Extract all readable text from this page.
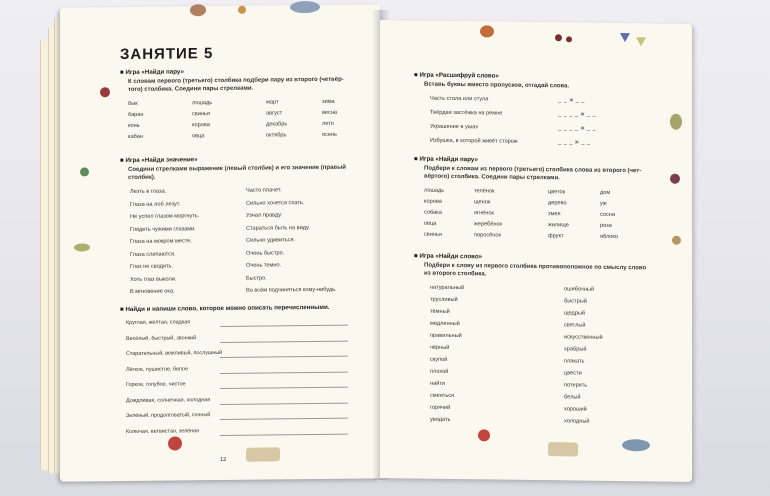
ЗАНЯТИЕ 5
■ Игра «Найди пару»
К словам первого (третьего) столбика подбери пару из второго (четвёр-
того) столбика. Соедини пары стрелками.
бык	лошадь	март	зима
баран	свинья	август	весна
конь	корова	декабрь	лето
кабан	овца	октябрь	осень
■ Игра «Найди значение»
Соедини стрелками выражение (левый столбик) и его значение (правый
столбик).
Лезть в глаза.	Часто плачет.
Глаза на лоб лезут.	Сильно хочется спать.
Не успел глазом моргнуть.	Узнал правду.
Глядеть чужими глазами.	Стараться быть на виду.
Глаза на мокром месте.	Сильно удивиться.
Глаза слипаются.	Очень быстро.
Глаз не сводить.	Очень темно.
Хоть глаз выколи.	Быстро.
В мгновение ока.	Во всём подчиняться кому-нибудь.
■ Найди и напиши слово, которое можно описать перечисленными.
Круглая, жёлтая, сладкая
Весёлый, быстрый, звонкий
Старательный, вежливый, послушный
Лёгкое, пушистое, белое
Горкое, голубое, чистое
Дождливая, солнечная, холодная
Зелёный, продолговатый, сочный
Колючая, ветвистая, зелёная
12
■ Игра «Расшифруй слово»
Вставь буквы вместо пропусков, отгадай слова.
Часть стола или стула	_ _ ж _ _
Твёрдая застёжка на ремне	_ _ _ _ ж _ _
Украшение в ушах	_ _ _ _ ж _ _
Избушка, в которой живёт сторож	_ _ _ ж _ _
■ Игра «Найди пару»
Подбери к словам из первого (третьего) столбика слова из второго (чет-
вёртого) столбика. Соедини пары стрелками.
лошадь	телёнок	цветок	дом
корова	щенок	дерево	уж
собака	ягнёнок	змея	сосна
овца	жеребёнок	жилище	роза
свинья	поросёнок	фрукт	яблоко
■ Игра «Найди слово»
Подбери к слову из первого столбика противоположное по смыслу слово
из второго столбика.
натуральный	ошибочный
трусливый	быстрый
тёмный	щедрый
медленный	светлый
правильный	искусственный
чёрный	храбрый
скупой	плакать
плохой	цвести
найти	потерять
смеяться	белый
горячий	хороший
увядать	холодный
